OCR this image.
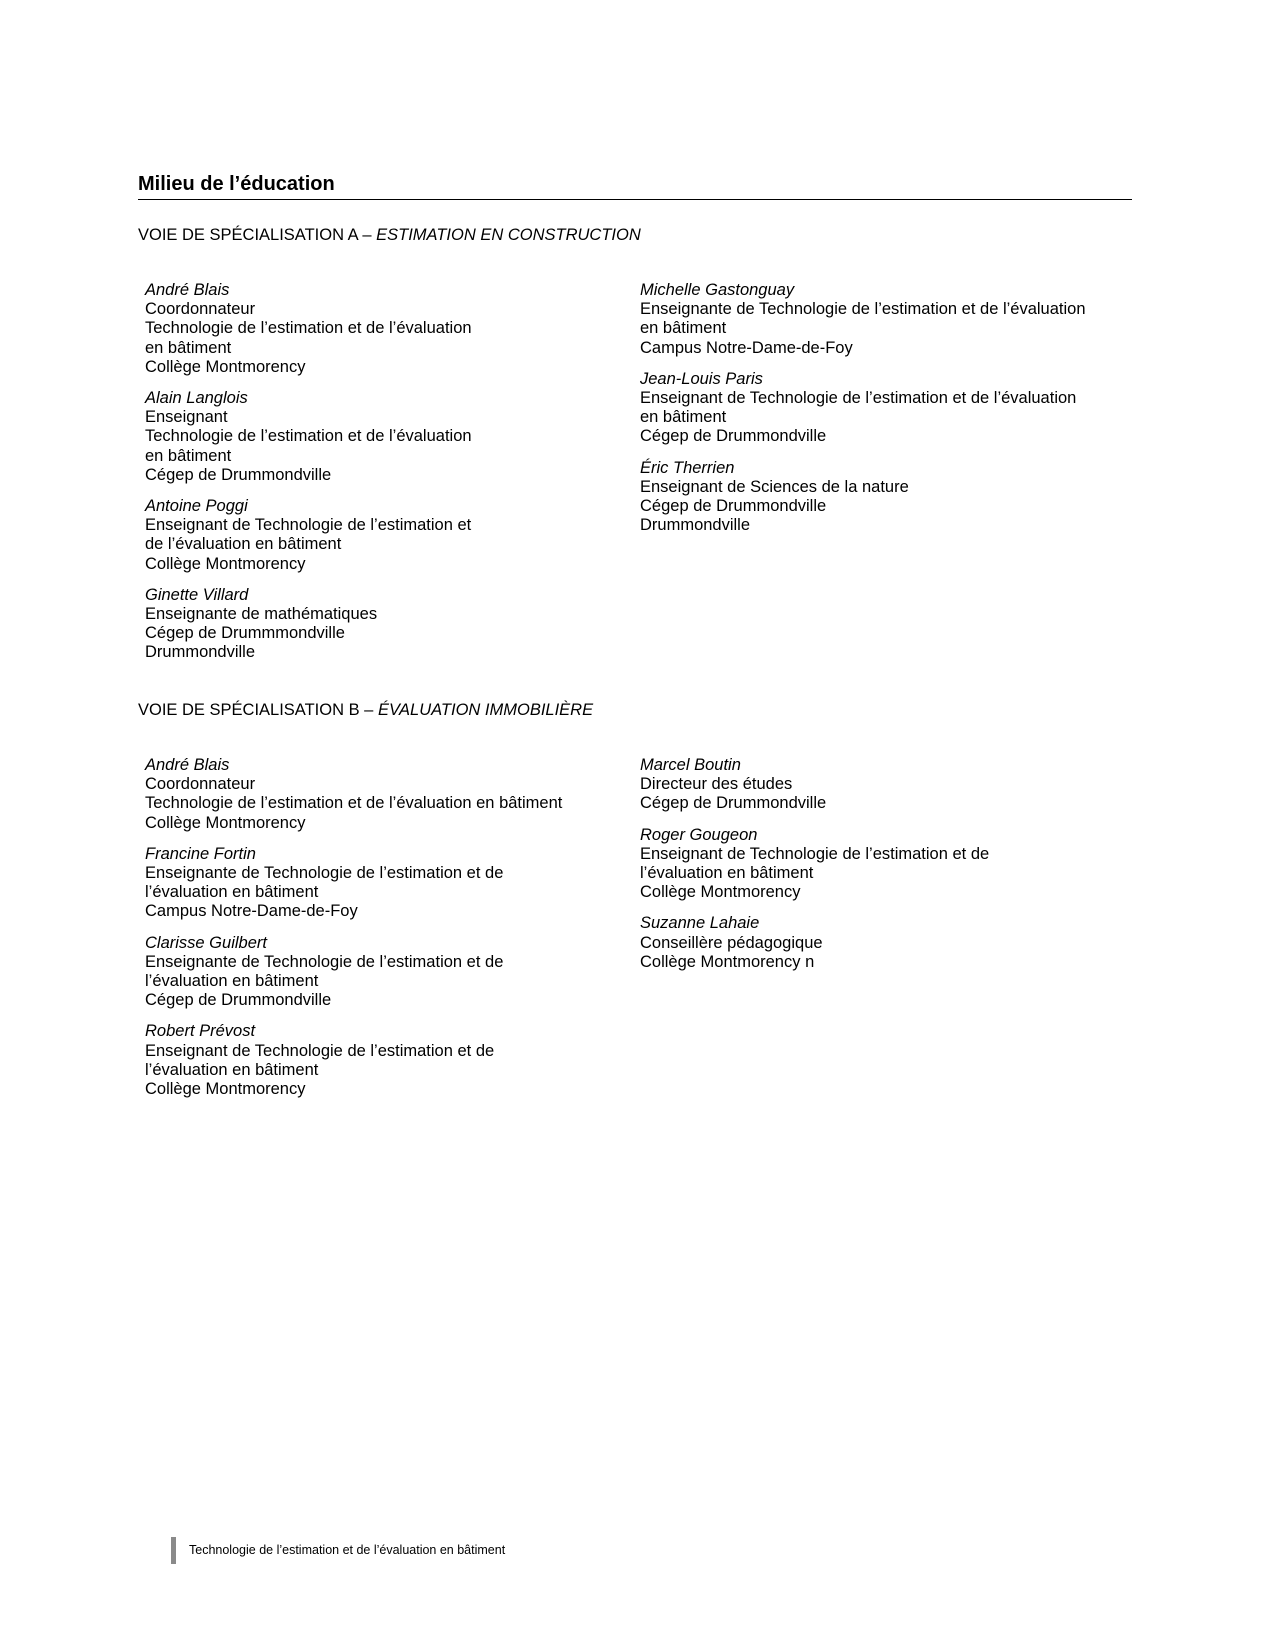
Milieu de l’éducation
VOIE DE SPÉCIALISATION A – ESTIMATION EN CONSTRUCTION
André Blais
Coordonnateur
Technologie de l’estimation et de l’évaluation
en bâtiment
Collège Montmorency
Alain Langlois
Enseignant
Technologie de l’estimation et de l’évaluation
en bâtiment
Cégep de Drummondville
Antoine Poggi
Enseignant de Technologie de l’estimation et
de l’évaluation en bâtiment
Collège Montmorency
Ginette Villard
Enseignante de mathématiques
Cégep de Drummmondville
Drummondville
Michelle Gastonguay
Enseignante de Technologie de l’estimation et de l’évaluation
en bâtiment
Campus Notre-Dame-de-Foy
Jean-Louis Paris
Enseignant de Technologie de l’estimation et de l’évaluation
en bâtiment
Cégep de Drummondville
Éric Therrien
Enseignant de Sciences de la nature
Cégep de Drummondville
Drummondville
VOIE DE SPÉCIALISATION B – ÉVALUATION IMMOBILIÈRE
André Blais
Coordonnateur
Technologie de l’estimation et de l’évaluation en bâtiment
Collège Montmorency
Francine Fortin
Enseignante de Technologie de l’estimation et de
l’évaluation en bâtiment
Campus Notre-Dame-de-Foy
Clarisse Guilbert
Enseignante de Technologie de l’estimation et de
l’évaluation en bâtiment
Cégep de Drummondville
Robert Prévost
Enseignant de Technologie de l’estimation et de
l’évaluation en bâtiment
Collège Montmorency
Marcel Boutin
Directeur des études
Cégep de Drummondville
Roger Gougeon
Enseignant de Technologie de l’estimation et de
l’évaluation en bâtiment
Collège Montmorency
Suzanne Lahaie
Conseillère pédagogique
Collège Montmorency n
Technologie de l’estimation et de l’évaluation en bâtiment
